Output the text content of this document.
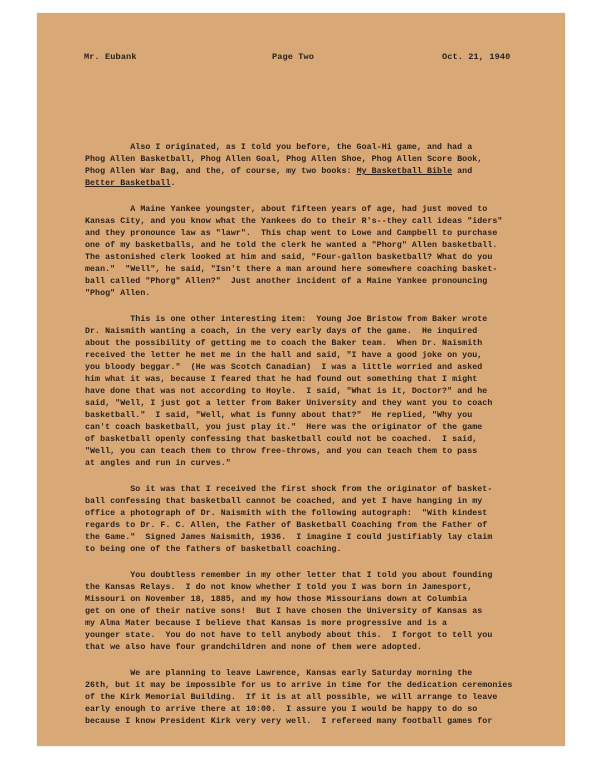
Mr. Eubank	Page Two	Oct. 21, 1940
Also I originated, as I told you before, the Goal-Hi game, and had a
Phog Allen Basketball, Phog Allen Goal, Phog Allen Shoe, Phog Allen Score Book,
Phog Allen War Bag, and the, of course, my two books: My Basketball Bible and
Better Basketball.
A Maine Yankee youngster, about fifteen years of age, had just moved to
Kansas City, and you know what the Yankees do to their R's--they call ideas "iders"
and they pronounce law as "lawr".  This chap went to Lowe and Campbell to purchase
one of my basketballs, and he told the clerk he wanted a "Phorg" Allen basketball.
The astonished clerk looked at him and said, "Four-gallon basketball? What do you
mean."  "Well", he said, "Isn't there a man around here somewhere coaching basket-
ball called "Phorg" Allen?"  Just another incident of a Maine Yankee pronouncing
"Phog" Allen.
This is one other interesting item:  Young Joe Bristow from Baker wrote
Dr. Naismith wanting a coach, in the very early days of the game.  He inquired
about the possibility of getting me to coach the Baker team.  When Dr. Naismith
received the letter he met me in the hall and said, "I have a good joke on you,
you bloody beggar."  (He was Scotch Canadian)  I was a little worried and asked
him what it was, because I feared that he had found out something that I might
have done that was not according to Hoyle.  I said, "What is it, Doctor?" and he
said, "Well, I just got a letter from Baker University and they want you to coach
basketball."  I said, "Well, what is funny about that?"  He replied, "Why you
can't coach basketball, you just play it."  Here was the originator of the game
of basketball openly confessing that basketball could not be coached.  I said,
"Well, you can teach them to throw free-throws, and you can teach them to pass
at angles and run in curves."
So it was that I received the first shock from the originator of basket-
ball confessing that basketball cannot be coached, and yet I have hanging in my
office a photograph of Dr. Naismith with the following autograph:  "With kindest
regards to Dr. F. C. Allen, the Father of Basketball Coaching from the Father of
the Game."  Signed James Naismith, 1936.  I imagine I could justifiably lay claim
to being one of the fathers of basketball coaching.
You doubtless remember in my other letter that I told you about founding
the Kansas Relays.  I do not know whether I told you I was born in Jamesport,
Missouri on November 18, 1885, and my how those Missourians down at Columbia
get on one of their native sons!  But I have chosen the University of Kansas as
my Alma Mater because I believe that Kansas is more progressive and is a
younger state.  You do not have to tell anybody about this.  I forgot to tell you
that we also have four grandchildren and none of them were adopted.
We are planning to leave Lawrence, Kansas early Saturday morning the
26th, but it may be impossible for us to arrive in time for the dedication ceremonies
of the Kirk Memorial Building.  If it is at all possible, we will arrange to leave
early enough to arrive there at 10:00.  I assure you I would be happy to do so
because I know President Kirk very very well.  I refereed many football games for
